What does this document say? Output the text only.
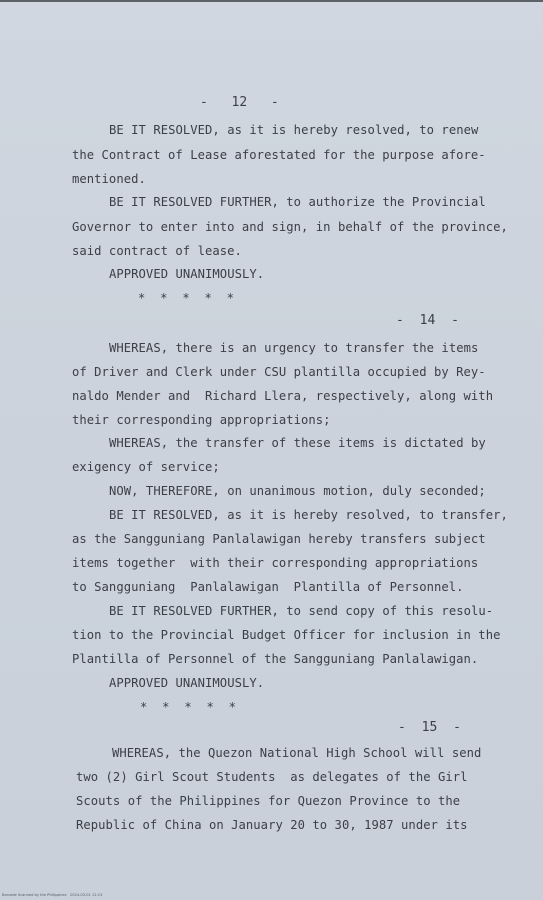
-   12   -
BE IT RESOLVED, as it is hereby resolved, to renew
the Contract of Lease aforestated for the purpose afore-
mentioned.
BE IT RESOLVED FURTHER, to authorize the Provincial
Governor to enter into and sign, in behalf of the province,
said contract of lease.
APPROVED UNANIMOUSLY.
*  *  *  *  *
-  14  -
WHEREAS, there is an urgency to transfer the items
of Driver and Clerk under CSU plantilla occupied by Rey-
naldo Mender and  Richard Llera, respectively, along with
their corresponding appropriations;
WHEREAS, the transfer of these items is dictated by
exigency of service;
NOW, THEREFORE, on unanimous motion, duly seconded;
BE IT RESOLVED, as it is hereby resolved, to transfer,
as the Sangguniang Panlalawigan hereby transfers subject
items together  with their corresponding appropriations
to Sangguniang  Panlalawigan  Plantilla of Personnel.
BE IT RESOLVED FURTHER, to send copy of this resolu-
tion to the Provincial Budget Officer for inclusion in the
Plantilla of Personnel of the Sangguniang Panlalawigan.
APPROVED UNANIMOUSLY.
*  *  *  *  *
-  15  -
WHEREAS, the Quezon National High School will send
two (2) Girl Scout Students  as delegates of the Girl
Scouts of the Philippines for Quezon Province to the
Republic of China on January 20 to 30, 1987 under its
Barcode Scanned by the Philippines   2024-03-01 12:13
